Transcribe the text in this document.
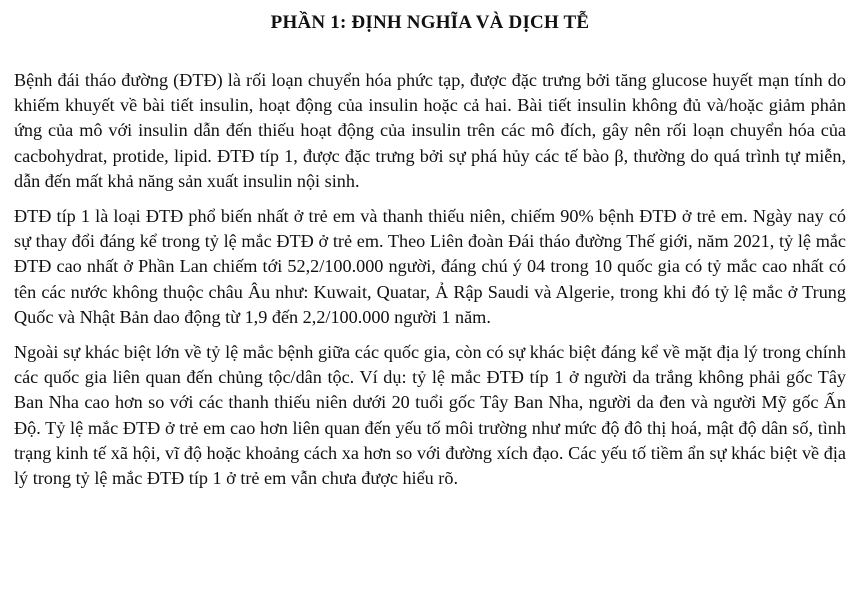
PHẦN 1: ĐỊNH NGHĨA VÀ DỊCH TỄ

Bệnh đái tháo đường (ĐTĐ) là rối loạn chuyển hóa phức tạp, được đặc trưng bởi tăng glucose huyết mạn tính do khiếm khuyết về bài tiết insulin, hoạt động của insulin hoặc cả hai. Bài tiết insulin không đủ và/hoặc giảm phản ứng của mô với insulin dẫn đến thiếu hoạt động của insulin trên các mô đích, gây nên rối loạn chuyển hóa của cacbohydrat, protide, lipid. ĐTĐ típ 1, được đặc trưng bởi sự phá hủy các tế bào β, thường do quá trình tự miễn, dẫn đến mất khả năng sản xuất insulin nội sinh.

ĐTĐ típ 1 là loại ĐTĐ phổ biến nhất ở trẻ em và thanh thiếu niên, chiếm 90% bệnh ĐTĐ ở trẻ em. Ngày nay có sự thay đổi đáng kể trong tỷ lệ mắc ĐTĐ ở trẻ em. Theo Liên đoàn Đái tháo đường Thế giới, năm 2021, tỷ lệ mắc ĐTĐ cao nhất ở Phần Lan chiếm tới 52,2/100.000 người, đáng chú ý 04 trong 10 quốc gia có tỷ mắc cao nhất có tên các nước không thuộc châu Âu như: Kuwait, Quatar, Ả Rập Saudi và Algerie, trong khi đó tỷ lệ mắc ở Trung Quốc và Nhật Bản dao động từ 1,9 đến 2,2/100.000 người 1 năm.

Ngoài sự khác biệt lớn về tỷ lệ mắc bệnh giữa các quốc gia, còn có sự khác biệt đáng kể về mặt địa lý trong chính các quốc gia liên quan đến chủng tộc/dân tộc. Ví dụ: tỷ lệ mắc ĐTĐ típ 1 ở người da trắng không phải gốc Tây Ban Nha cao hơn so với các thanh thiếu niên dưới 20 tuổi gốc Tây Ban Nha, người da đen và người Mỹ gốc Ấn Độ. Tỷ lệ mắc ĐTĐ ở trẻ em cao hơn liên quan đến yếu tố môi trường như mức độ đô thị hoá, mật độ dân số, tình trạng kinh tế xã hội, vĩ độ hoặc khoảng cách xa hơn so với đường xích đạo. Các yếu tố tiềm ẩn sự khác biệt về địa lý trong tỷ lệ mắc ĐTĐ típ 1 ở trẻ em vẫn chưa được hiểu rõ.
